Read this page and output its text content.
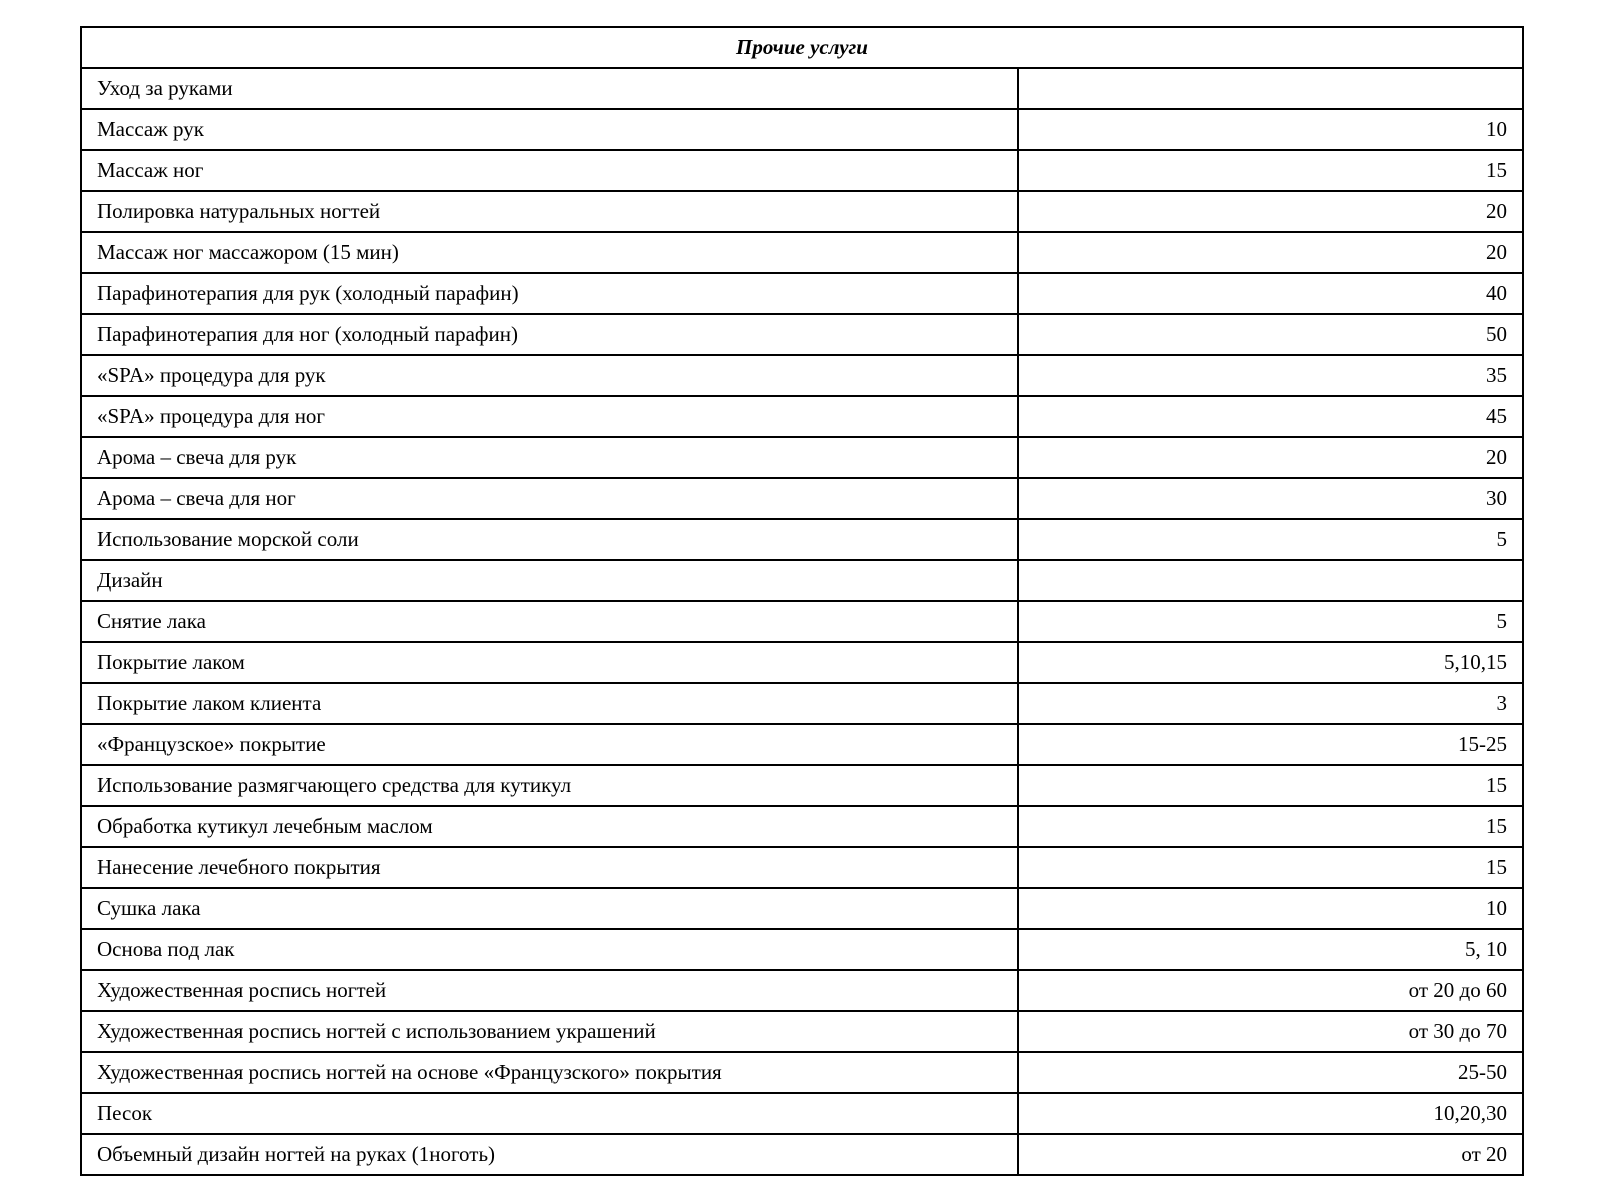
Прочие услуги	
Уход за руками	
Массаж рук	10
Массаж ног	15
Полировка натуральных ногтей	20
Массаж ног массажором (15 мин)	20
Парафинотерапия для рук (холодный парафин)	40
Парафинотерапия для ног (холодный парафин)	50
«SPA» процедура для рук	35
«SPA» процедура для ног	45
Арома – свеча для рук	20
Арома – свеча для ног	30
Использование морской соли	5
Дизайн	
Снятие лака	5
Покрытие лаком	5,10,15
Покрытие лаком клиента	3
«Французское» покрытие	15-25
Использование размягчающего средства для кутикул	15
Обработка кутикул лечебным маслом	15
Нанесение лечебного покрытия	15
Сушка лака	10
Основа под лак	5, 10
Художественная роспись ногтей	от 20 до 60
Художественная роспись ногтей с использованием украшений	от 30 до 70
Художественная роспись ногтей на основе «Французского» покрытия	25-50
Песок	10,20,30
Объемный дизайн ногтей на руках (1ноготь)	от 20
